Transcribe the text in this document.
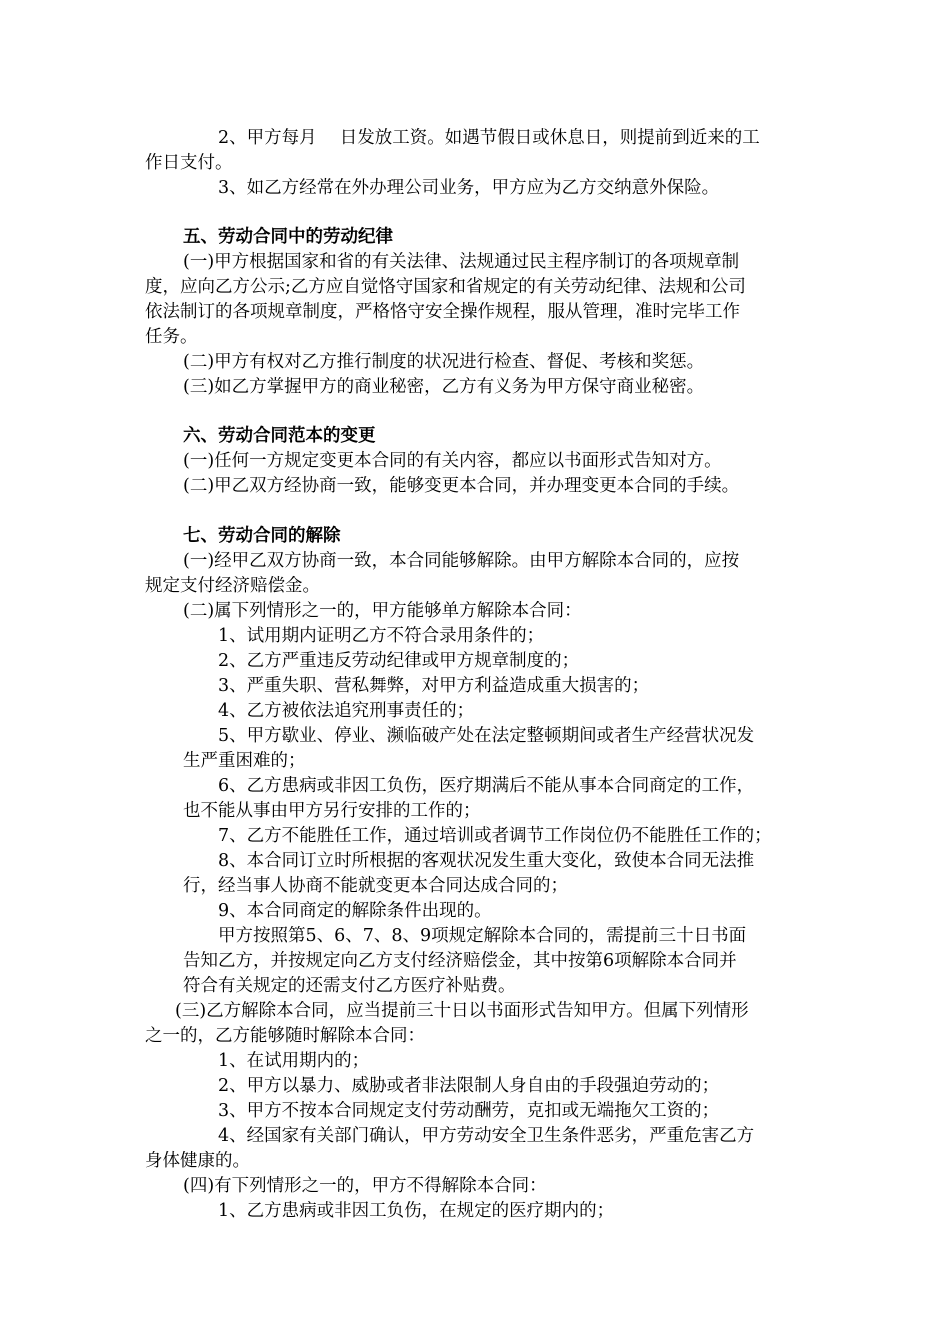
2、甲方每月　 日发放工资。如遇节假日或休息日，则提前到近来的工
作日支付。
3、如乙方经常在外办理公司业务，甲方应为乙方交纳意外保险。
五、劳动合同中的劳动纪律
(一)甲方根据国家和省的有关法律、法规通过民主程序制订的各项规章制
度，应向乙方公示;乙方应自觉恪守国家和省规定的有关劳动纪律、法规和公司
依法制订的各项规章制度，严格恪守安全操作规程，服从管理，准时完毕工作
任务。
(二)甲方有权对乙方推行制度的状况进行检查、督促、考核和奖惩。
(三)如乙方掌握甲方的商业秘密，乙方有义务为甲方保守商业秘密。
六、劳动合同范本的变更
(一)任何一方规定变更本合同的有关内容，都应以书面形式告知对方。
(二)甲乙双方经协商一致，能够变更本合同，并办理变更本合同的手续。
七、劳动合同的解除
(一)经甲乙双方协商一致，本合同能够解除。由甲方解除本合同的，应按
规定支付经济赔偿金。
(二)属下列情形之一的，甲方能够单方解除本合同：
1、试用期内证明乙方不符合录用条件的；
2、乙方严重违反劳动纪律或甲方规章制度的；
3、严重失职、营私舞弊，对甲方利益造成重大损害的；
4、乙方被依法追究刑事责任的；
5、甲方歇业、停业、濒临破产处在法定整顿期间或者生产经营状况发
生严重困难的；
6、乙方患病或非因工负伤，医疗期满后不能从事本合同商定的工作，
也不能从事由甲方另行安排的工作的；
7、乙方不能胜任工作，通过培训或者调节工作岗位仍不能胜任工作的；
8、本合同订立时所根据的客观状况发生重大变化，致使本合同无法推
行，经当事人协商不能就变更本合同达成合同的；
9、本合同商定的解除条件出现的。
甲方按照第5、6、7、8、9项规定解除本合同的，需提前三十日书面
告知乙方，并按规定向乙方支付经济赔偿金，其中按第6项解除本合同并
符合有关规定的还需支付乙方医疗补贴费。
(三)乙方解除本合同，应当提前三十日以书面形式告知甲方。但属下列情形
之一的，乙方能够随时解除本合同：
1、在试用期内的；
2、甲方以暴力、威胁或者非法限制人身自由的手段强迫劳动的；
3、甲方不按本合同规定支付劳动酬劳，克扣或无端拖欠工资的；
4、经国家有关部门确认，甲方劳动安全卫生条件恶劣，严重危害乙方
身体健康的。
(四)有下列情形之一的，甲方不得解除本合同：
1、乙方患病或非因工负伤，在规定的医疗期内的；
